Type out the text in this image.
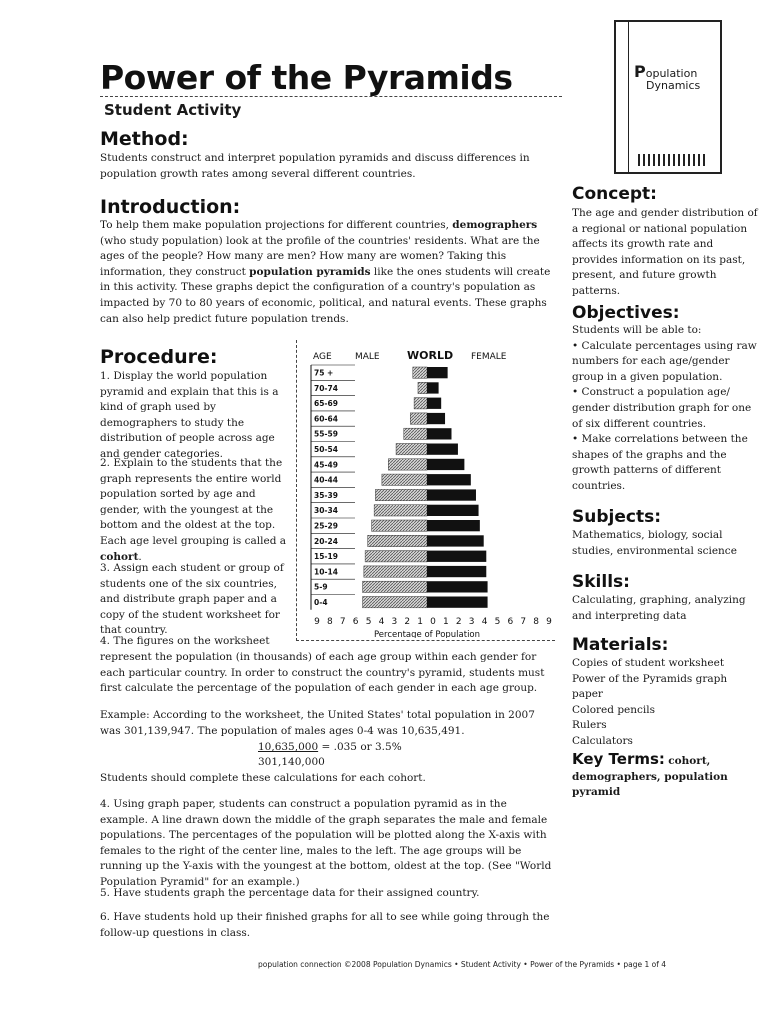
Power of the Pyramids
Student Activity
Population
Dynamics
Method:
Students construct and interpret population pyramids and discuss differences in population growth rates among several different countries.
Introduction:
To help them make population projections for different countries, demographers (who study population) look at the profile of the countries' residents. What are the ages of the people? How many are men? How many are women? Taking this information, they construct population pyramids like the ones students will create in this activity. These graphs depict the configuration of a country's population as impacted by 70 to 80 years of economic, political, and natural events. These graphs can also help predict future population trends.
Procedure:
1. Display the world population pyramid and explain that this is a kind of graph used by demographers to study the distribution of people across age and gender categories.
2. Explain to the students that the graph represents the entire world population sorted by age and gender, with the youngest at the bottom and the oldest at the top. Each age level grouping is called a cohort.
3. Assign each student or group of students one of the six countries, and distribute graph paper and a copy of the student worksheet for that country.
4. The figures on the worksheet
represent the population (in thousands) of each age group within each gender for each particular country. In order to construct the country's pyramid, students must first calculate the percentage of the population of each gender in each age group.
Example: According to the worksheet, the United States' total population in 2007 was 301,139,947. The population of males ages 0-4 was 10,635,491.
10,635,000 = .035 or 3.5%
301,140,000
Students should complete these calculations for each cohort.
4. Using graph paper, students can construct a population pyramid as in the example. A line drawn down the middle of the graph separates the male and female populations. The percentages of the population will be plotted along the X-axis with females to the right of the center line, males to the left. The age groups will be running up the Y-axis with the youngest at the bottom, oldest at the top. (See "World Population Pyramid" for an example.)
5. Have students graph the percentage data for their assigned country.
6. Have students hold up their finished graphs for all to see while going through the follow-up questions in class.
AGE	MALE WORLD FEMALE
75 +
70-74
65-69
60-64
55-59
50-54
45-49
40-44
35-39
30-34
25-29
20-24
15-19
10-14
5-9
0-4
9 8 7 6 5 4 3 2 1 0 1 2 3 4 5 6 7 8 9
Percentage of Population
Concept:
The age and gender distribution of a regional or national population affects its growth rate and provides information on its past, present, and future growth patterns.
Objectives:
Students will be able to:
• Calculate percentages using raw numbers for each age/gender group in a given population.
• Construct a population age/ gender distribution graph for one of six different countries.
• Make correlations between the shapes of the graphs and the growth patterns of different countries.
Subjects:
Mathematics, biology, social studies, environmental science
Skills:
Calculating, graphing, analyzing and interpreting data
Materials:
Copies of student worksheet
Power of the Pyramids graph paper
Colored pencils
Rulers
Calculators
Key Terms: cohort, demographers, population pyramid
population connection ©2008 Population Dynamics • Student Activity • Power of the Pyramids • page 1 of 4
